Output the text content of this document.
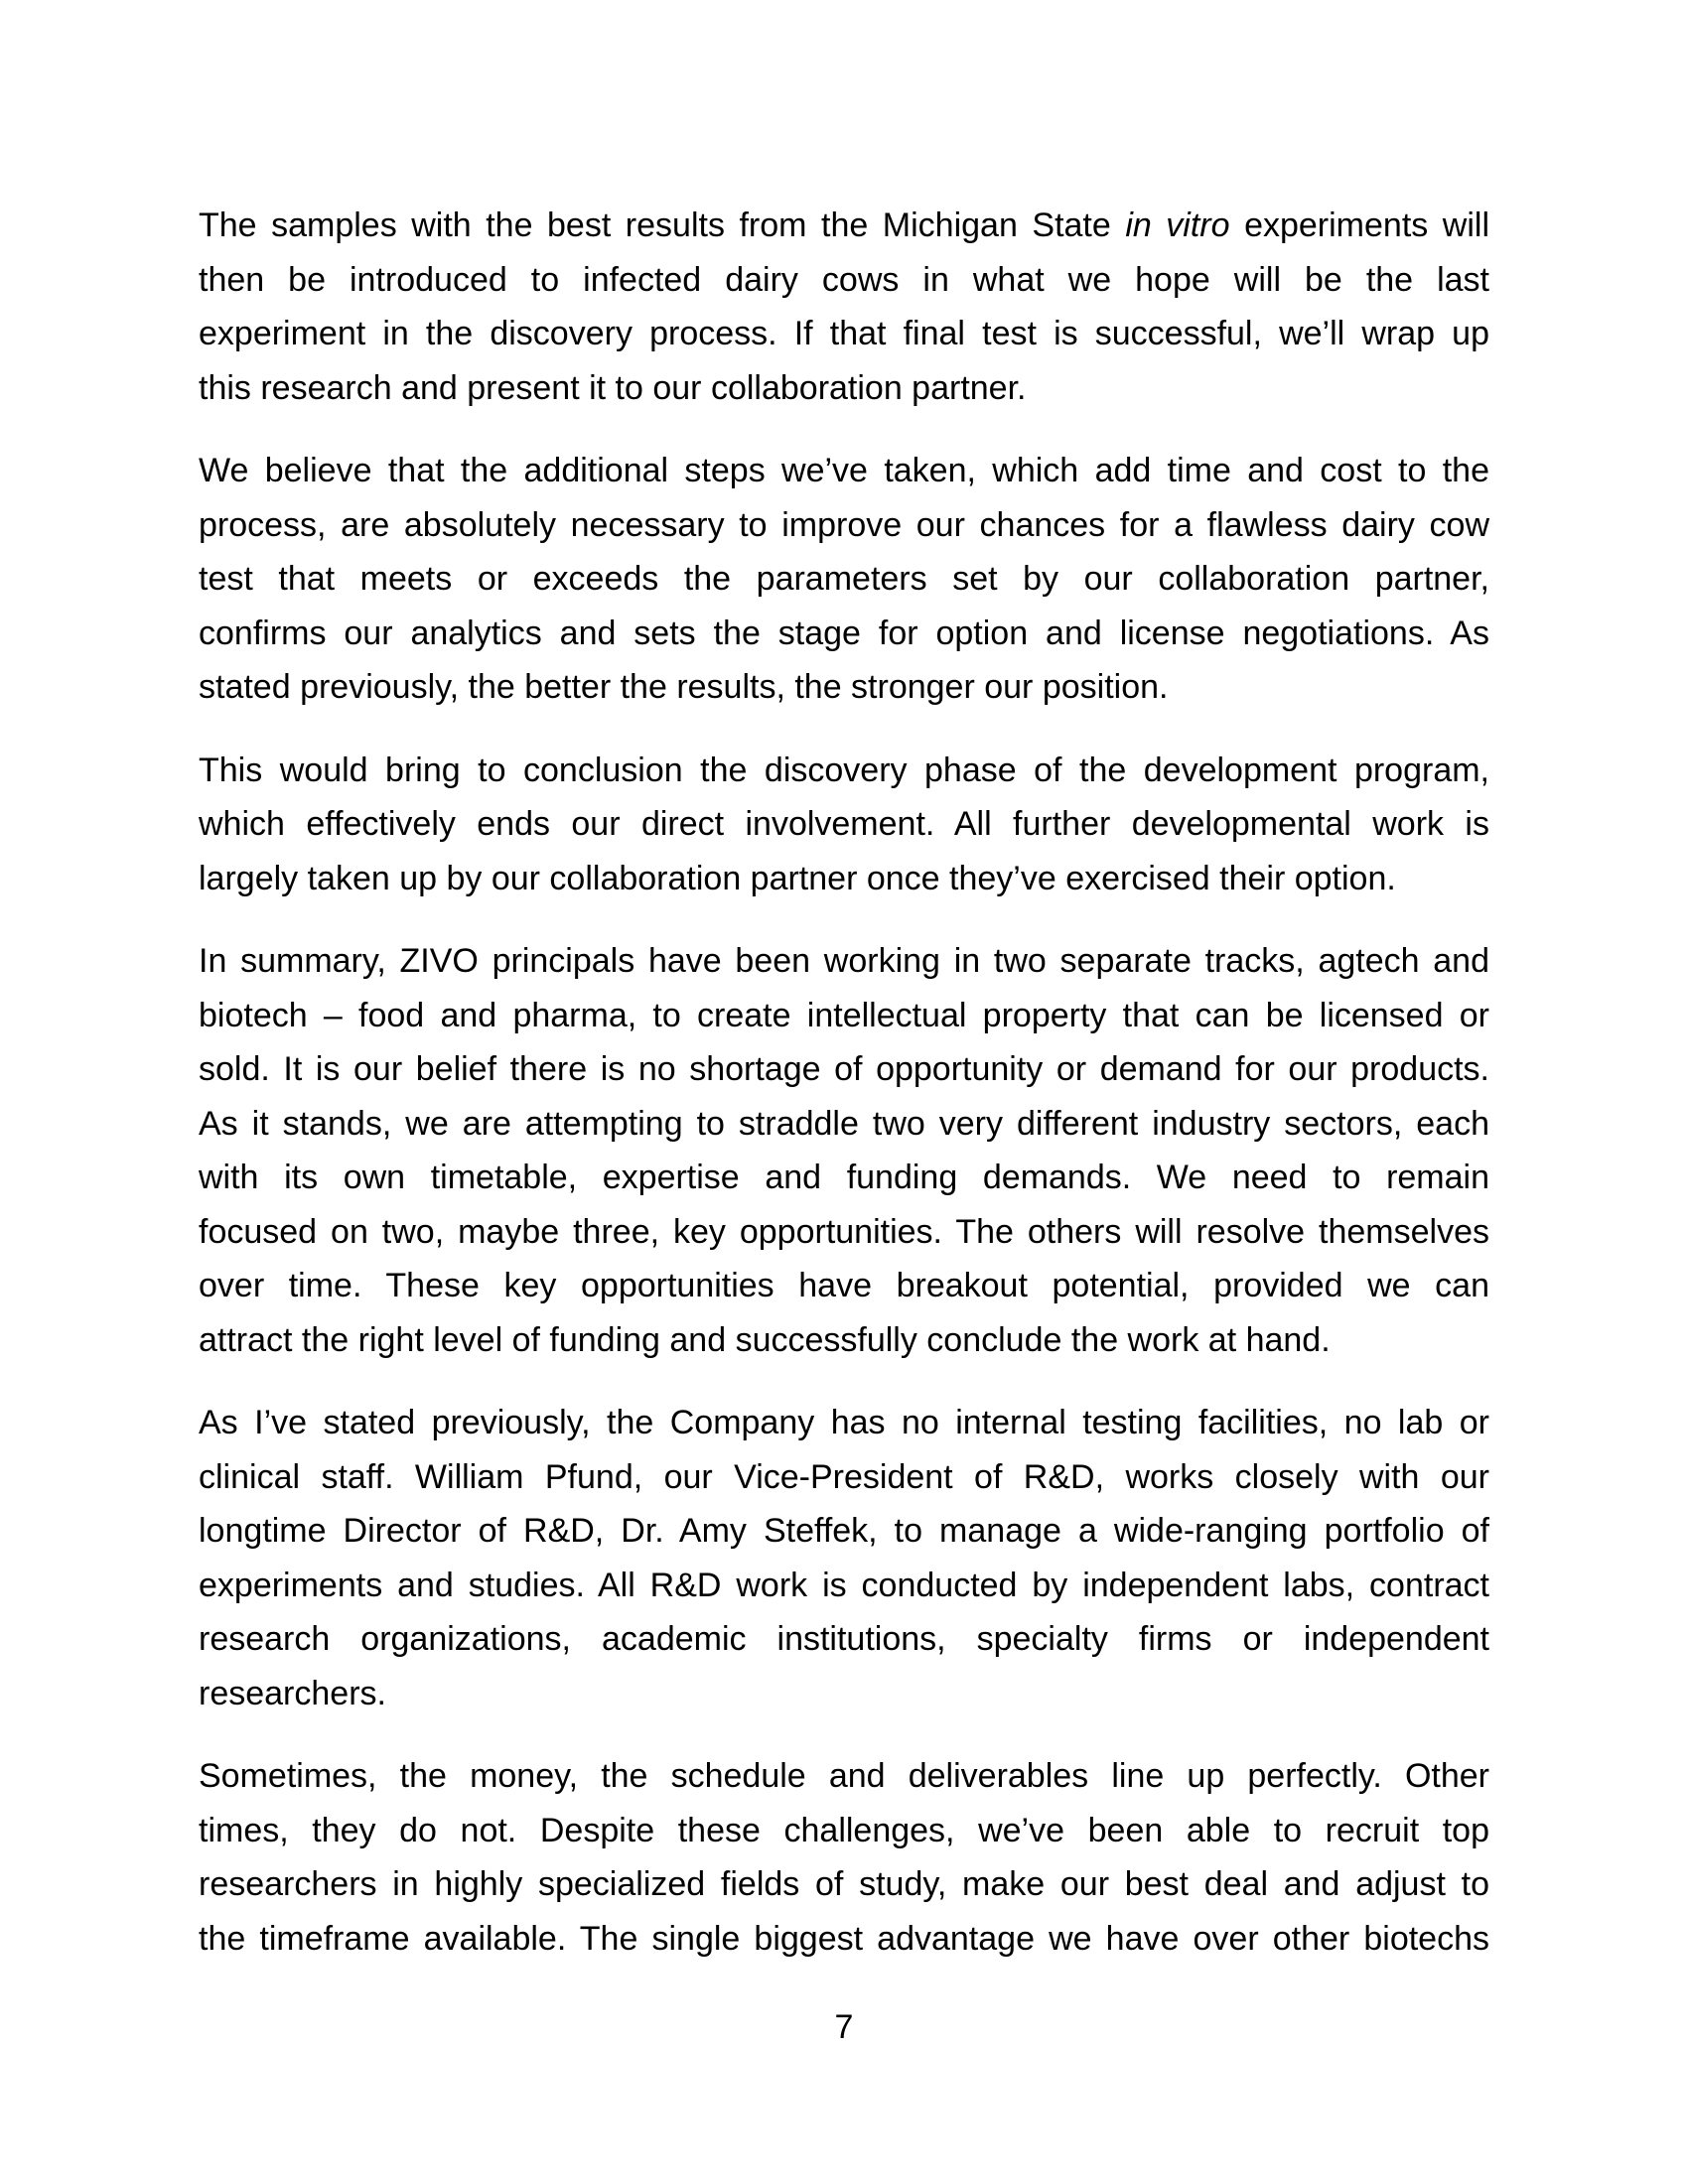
The samples with the best results from the Michigan State in vitro experiments will
then be introduced to infected dairy cows in what we hope will be the last
experiment in the discovery process. If that final test is successful, we’ll wrap up
this research and present it to our collaboration partner.
We believe that the additional steps we’ve taken, which add time and cost to the
process, are absolutely necessary to improve our chances for a flawless dairy cow
test that meets or exceeds the parameters set by our collaboration partner,
confirms our analytics and sets the stage for option and license negotiations. As
stated previously, the better the results, the stronger our position.
This would bring to conclusion the discovery phase of the development program,
which effectively ends our direct involvement. All further developmental work is
largely taken up by our collaboration partner once they’ve exercised their option.
In summary, ZIVO principals have been working in two separate tracks, agtech and
biotech – food and pharma, to create intellectual property that can be licensed or
sold. It is our belief there is no shortage of opportunity or demand for our products.
As it stands, we are attempting to straddle two very different industry sectors, each
with its own timetable, expertise and funding demands. We need to remain
focused on two, maybe three, key opportunities. The others will resolve themselves
over time. These key opportunities have breakout potential, provided we can
attract the right level of funding and successfully conclude the work at hand.
As I’ve stated previously, the Company has no internal testing facilities, no lab or
clinical staff. William Pfund, our Vice-President of R&D, works closely with our
longtime Director of R&D, Dr. Amy Steffek, to manage a wide-ranging portfolio of
experiments and studies. All R&D work is conducted by independent labs, contract
research organizations, academic institutions, specialty firms or independent
researchers.
Sometimes, the money, the schedule and deliverables line up perfectly. Other
times, they do not. Despite these challenges, we’ve been able to recruit top
researchers in highly specialized fields of study, make our best deal and adjust to
the timeframe available. The single biggest advantage we have over other biotechs
7
